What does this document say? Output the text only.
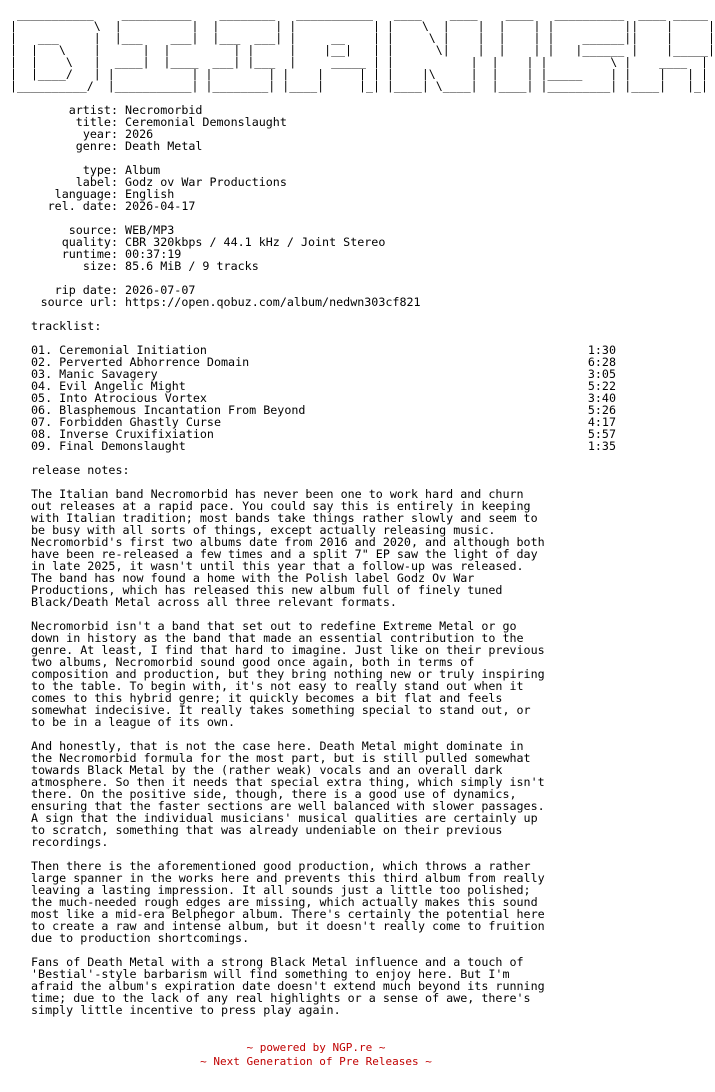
___________    __________    ________   ___________   ____    ____    ____   __________  ____ _____
|           \  |          |  |        | |           | |    \  |    |  |    | |          ||    |     |
|   ___     |  |___    ___|  |___  ___| |     __    | |     \ |    |  |    | |    ______||    |     |
|  |   \    |      |  |         | |     |    |__|   | |      \|    |  |    | |   |______ |    |_____|
|  |    \   |  ____|  |____  ___| |___  |     _____ | |           |  |    | |         \ |    ____  |
|  |____/   | |           | |        | |    |     | | |    |\     |  |    | |_____    | |    |   | |
|__________/  |___________| |________| |____|     |_| |____| \____|  |____| |_________| |____|   |_|
artist: Necromorbid
title: Ceremonial Demonslaught
year: 2026
genre: Death Metal
type: Album
label: Godz ov War Productions
language: English
rel. date: 2026-04-17
source: WEB/MP3
quality: CBR 320kbps / 44.1 kHz / Joint Stereo
runtime: 00:37:19
size: 85.6 MiB / 9 tracks
rip date: 2026-07-07
source url: https://open.qobuz.com/album/nedwn303cf821
tracklist:
01. Ceremonial Initiation	1:30
02. Perverted Abhorrence Domain	6:28
03. Manic Savagery	3:05
04. Evil Angelic Might	5:22
05. Into Atrocious Vortex	3:40
06. Blasphemous Incantation From Beyond	5:26
07. Forbidden Ghastly Curse	4:17
08. Inverse Cruxifixiation	5:57
09. Final Demonslaught	1:35
release notes:
The Italian band Necromorbid has never been one to work hard and churn
out releases at a rapid pace. You could say this is entirely in keeping
with Italian tradition; most bands take things rather slowly and seem to
be busy with all sorts of things, except actually releasing music.
Necromorbid's first two albums date from 2016 and 2020, and although both
have been re-released a few times and a split 7" EP saw the light of day
in late 2025, it wasn't until this year that a follow-up was released.
The band has now found a home with the Polish label Godz Ov War
Productions, which has released this new album full of finely tuned
Black/Death Metal across all three relevant formats.
Necromorbid isn't a band that set out to redefine Extreme Metal or go
down in history as the band that made an essential contribution to the
genre. At least, I find that hard to imagine. Just like on their previous
two albums, Necromorbid sound good once again, both in terms of
composition and production, but they bring nothing new or truly inspiring
to the table. To begin with, it's not easy to really stand out when it
comes to this hybrid genre; it quickly becomes a bit flat and feels
somewhat indecisive. It really takes something special to stand out, or
to be in a league of its own.
And honestly, that is not the case here. Death Metal might dominate in
the Necromorbid formula for the most part, but is still pulled somewhat
towards Black Metal by the (rather weak) vocals and an overall dark
atmosphere. So then it needs that special extra thing, which simply isn't
there. On the positive side, though, there is a good use of dynamics,
ensuring that the faster sections are well balanced with slower passages.
A sign that the individual musicians' musical qualities are certainly up
to scratch, something that was already undeniable on their previous
recordings.
Then there is the aforementioned good production, which throws a rather
large spanner in the works here and prevents this third album from really
leaving a lasting impression. It all sounds just a little too polished;
the much-needed rough edges are missing, which actually makes this sound
most like a mid-era Belphegor album. There's certainly the potential here
to create a raw and intense album, but it doesn't really come to fruition
due to production shortcomings.
Fans of Death Metal with a strong Black Metal influence and a touch of
'Bestial'-style barbarism will find something to enjoy here. But I'm
afraid the album's expiration date doesn't extend much beyond its running
time; due to the lack of any real highlights or a sense of awe, there's
simply little incentive to press play again.
~ powered by NGP.re ~
~ Next Generation of Pre Releases ~
